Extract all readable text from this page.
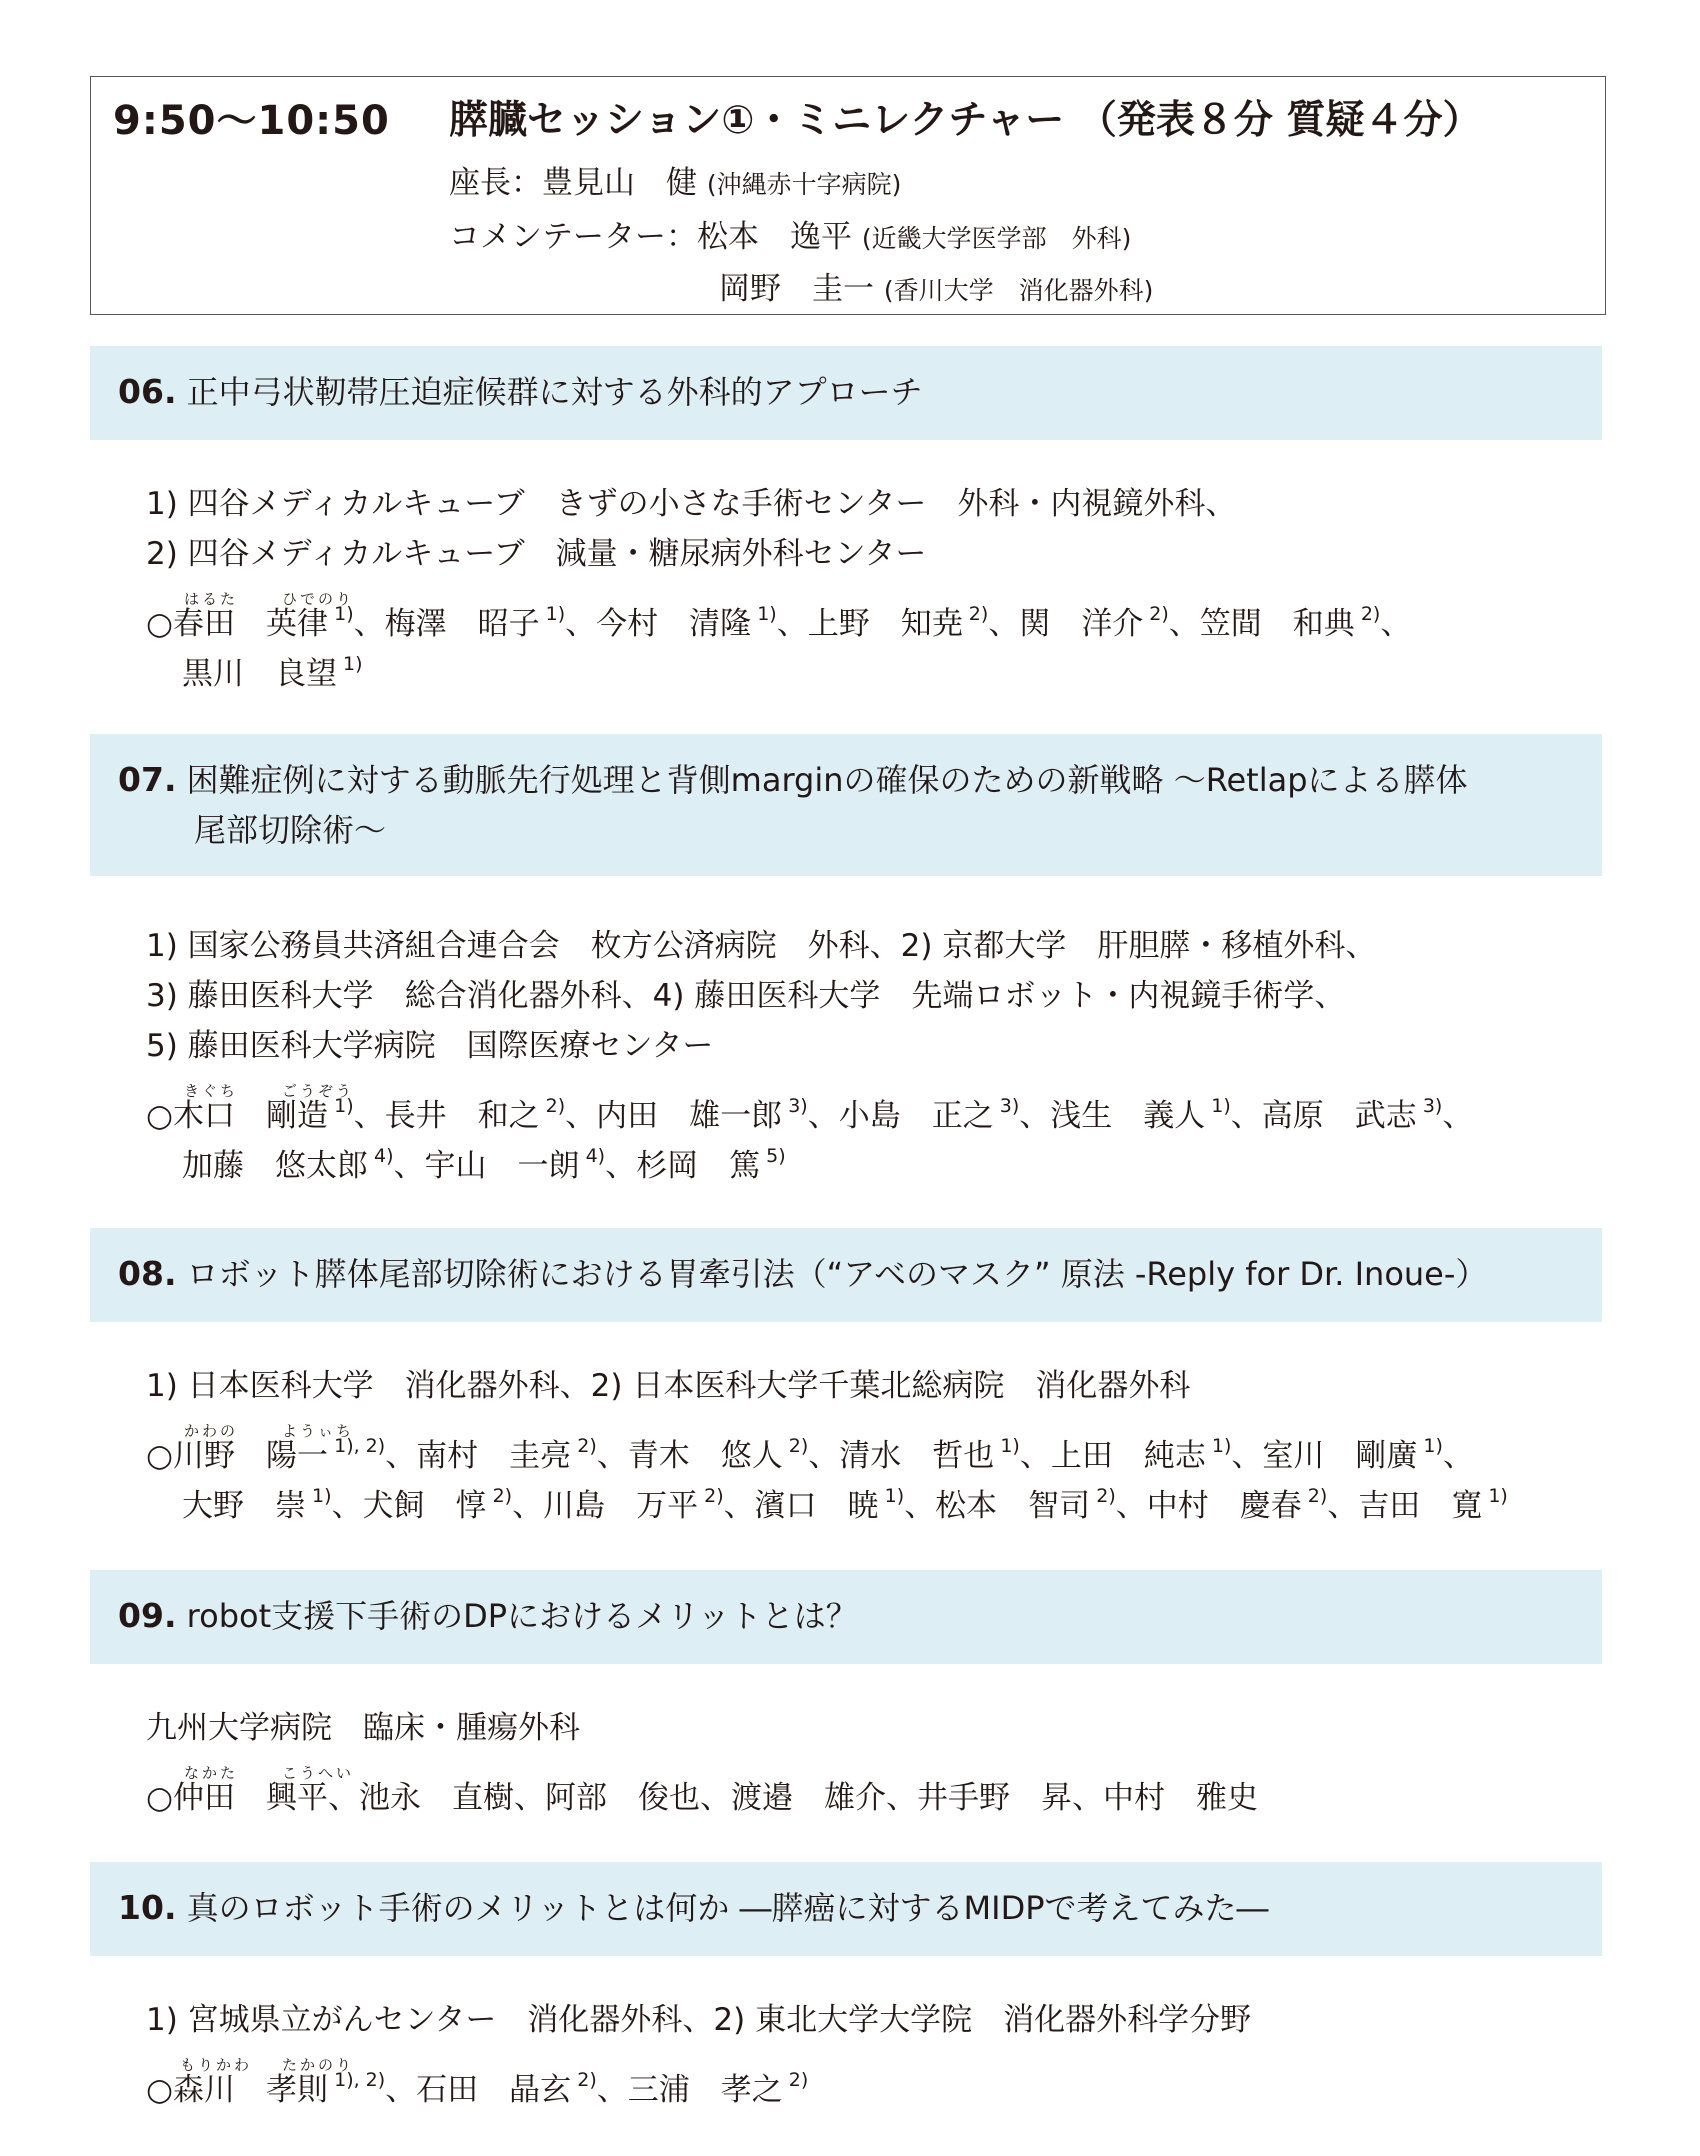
9:50〜10:50 膵臓セッション①・ミニレクチャー （発表８分 質疑４分）
座長：豊見山　健 (沖縄赤十字病院)
コメンテーター：松本　逸平 (近畿大学医学部　外科)
岡野　圭一 (香川大学　消化器外科)
06. 正中弓状靭帯圧迫症候群に対する外科的アプローチ
1) 四谷メディカルキューブ　きずの小さな手術センター　外科・内視鏡外科、
2) 四谷メディカルキューブ　減量・糖尿病外科センター
はるた	ひでのり
○春田　英律 $^{1)}$、梅澤　昭子 $^{1)}$、今村　清隆 $^{1)}$、上野　知尭 $^{2)}$、関　洋介 $^{2)}$、笠間　和典 $^{2)}$、
黒川　良望 $^{1)}$
07. 困難症例に対する動脈先行処理と背側marginの確保のための新戦略 〜Retlapによる膵体
尾部切除術〜
1) 国家公務員共済組合連合会　枚方公済病院　外科、2) 京都大学　肝胆膵・移植外科、
3) 藤田医科大学　総合消化器外科、4) 藤田医科大学　先端ロボット・内視鏡手術学、
5) 藤田医科大学病院　国際医療センター
きぐち	ごうぞう
○木口　剛造 $^{1)}$、長井　和之 $^{2)}$、内田　雄一郎 $^{3)}$、小島　正之 $^{3)}$、浅生　義人 $^{1)}$、高原　武志 $^{3)}$、
加藤　悠太郎 $^{4)}$、宇山　一朗 $^{4)}$、杉岡　篤 $^{5)}$
08. ロボット膵体尾部切除術における胃牽引法（“アベのマスク” 原法 -Reply for Dr. Inoue-）
1) 日本医科大学　消化器外科、2) 日本医科大学千葉北総病院　消化器外科
かわの	ようぃち
○川野　陽一 $^{1), 2)}$、南村　圭亮 $^{2)}$、青木　悠人 $^{2)}$、清水　哲也 $^{1)}$、上田　純志 $^{1)}$、室川　剛廣 $^{1)}$、
大野　崇 $^{1)}$、犬飼　惇 $^{2)}$、川島　万平 $^{2)}$、濱口　暁 $^{1)}$、松本　智司 $^{2)}$、中村　慶春 $^{2)}$、吉田　寛 $^{1)}$
09. robot支援下手術のDPにおけるメリットとは？
九州大学病院　臨床・腫瘍外科
なかた	こうへい
○仲田　興平、池永　直樹、阿部　俊也、渡邉　雄介、井手野　昇、中村　雅史
10. 真のロボット手術のメリットとは何か ―膵癌に対するMIDPで考えてみた―
1) 宮城県立がんセンター　消化器外科、2) 東北大学大学院　消化器外科学分野
もりかわ たかのり
○森川　孝則 $^{1), 2)}$、石田　晶玄 $^{2)}$、三浦　孝之 $^{2)}$
